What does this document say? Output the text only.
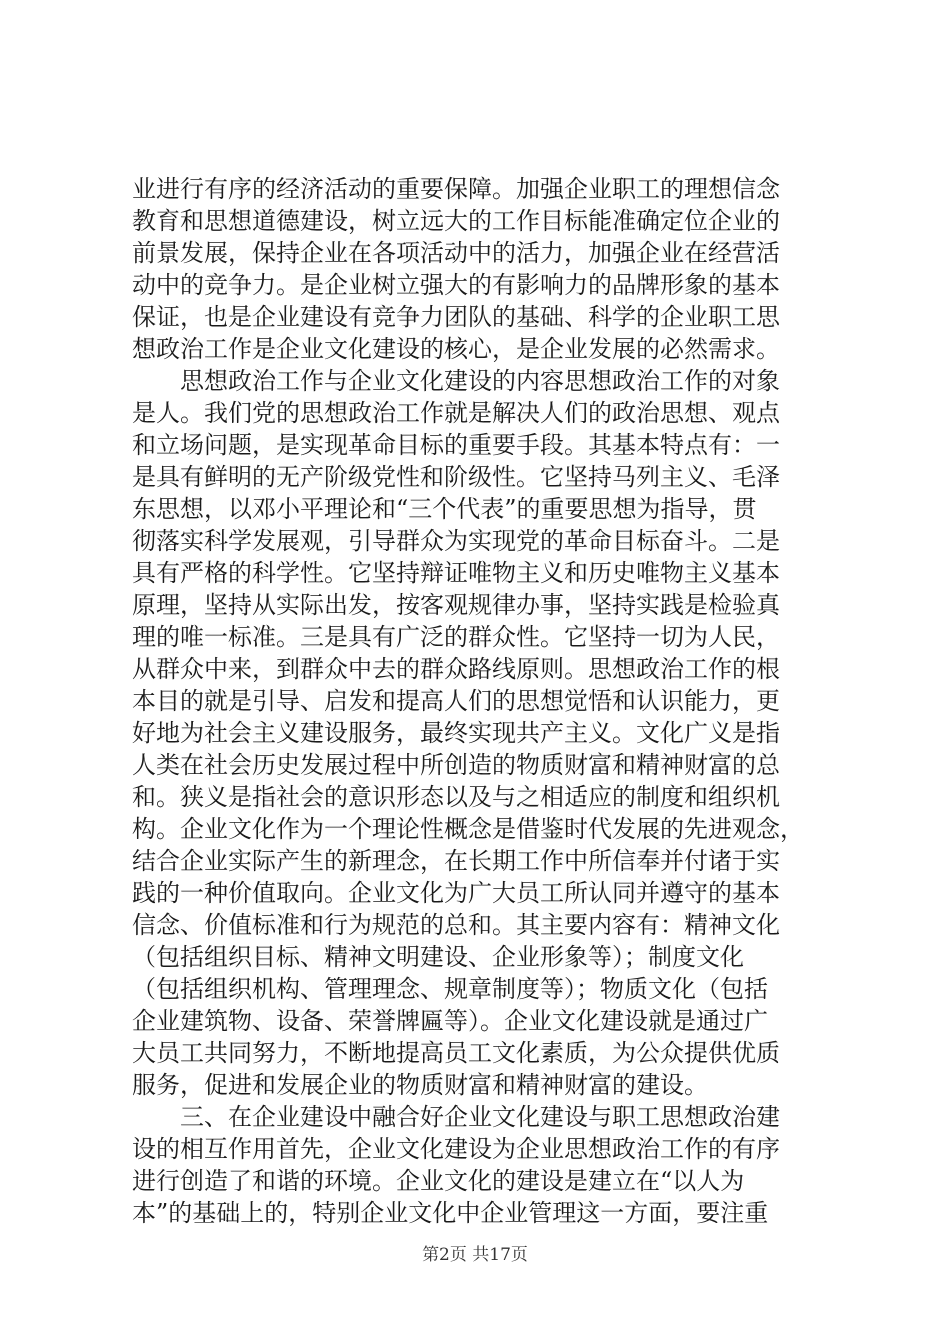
业进行有序的经济活动的重要保障。加强企业职工的理想信念
教育和思想道德建设，树立远大的工作目标能准确定位企业的
前景发展，保持企业在各项活动中的活力，加强企业在经营活
动中的竞争力。是企业树立强大的有影响力的品牌形象的基本
保证，也是企业建设有竞争力团队的基础、科学的企业职工思
想政治工作是企业文化建设的核心，是企业发展的必然需求。
思想政治工作与企业文化建设的内容思想政治工作的对象
是人。我们党的思想政治工作就是解决人们的政治思想、观点
和立场问题，是实现革命目标的重要手段。其基本特点有：一
是具有鲜明的无产阶级党性和阶级性。它坚持马列主义、毛泽
东思想，以邓小平理论和“三个代表”的重要思想为指导，贯
彻落实科学发展观，引导群众为实现党的革命目标奋斗。二是
具有严格的科学性。它坚持辩证唯物主义和历史唯物主义基本
原理，坚持从实际出发，按客观规律办事，坚持实践是检验真
理的唯一标准。三是具有广泛的群众性。它坚持一切为人民，
从群众中来，到群众中去的群众路线原则。思想政治工作的根
本目的就是引导、启发和提高人们的思想觉悟和认识能力，更
好地为社会主义建设服务，最终实现共产主义。文化广义是指
人类在社会历史发展过程中所创造的物质财富和精神财富的总
和。狭义是指社会的意识形态以及与之相适应的制度和组织机
构。企业文化作为一个理论性概念是借鉴时代发展的先进观念，
结合企业实际产生的新理念，在长期工作中所信奉并付诸于实
践的一种价值取向。企业文化为广大员工所认同并遵守的基本
信念、价值标准和行为规范的总和。其主要内容有：精神文化
（包括组织目标、精神文明建设、企业形象等）；制度文化
（包括组织机构、管理理念、规章制度等）；物质文化（包括
企业建筑物、设备、荣誉牌匾等）。企业文化建设就是通过广
大员工共同努力，不断地提高员工文化素质，为公众提供优质
服务，促进和发展企业的物质财富和精神财富的建设。
三、在企业建设中融合好企业文化建设与职工思想政治建
设的相互作用首先，企业文化建设为企业思想政治工作的有序
进行创造了和谐的环境。企业文化的建设是建立在“以人为
本”的基础上的，特别企业文化中企业管理这一方面，要注重
第2页 共17页
